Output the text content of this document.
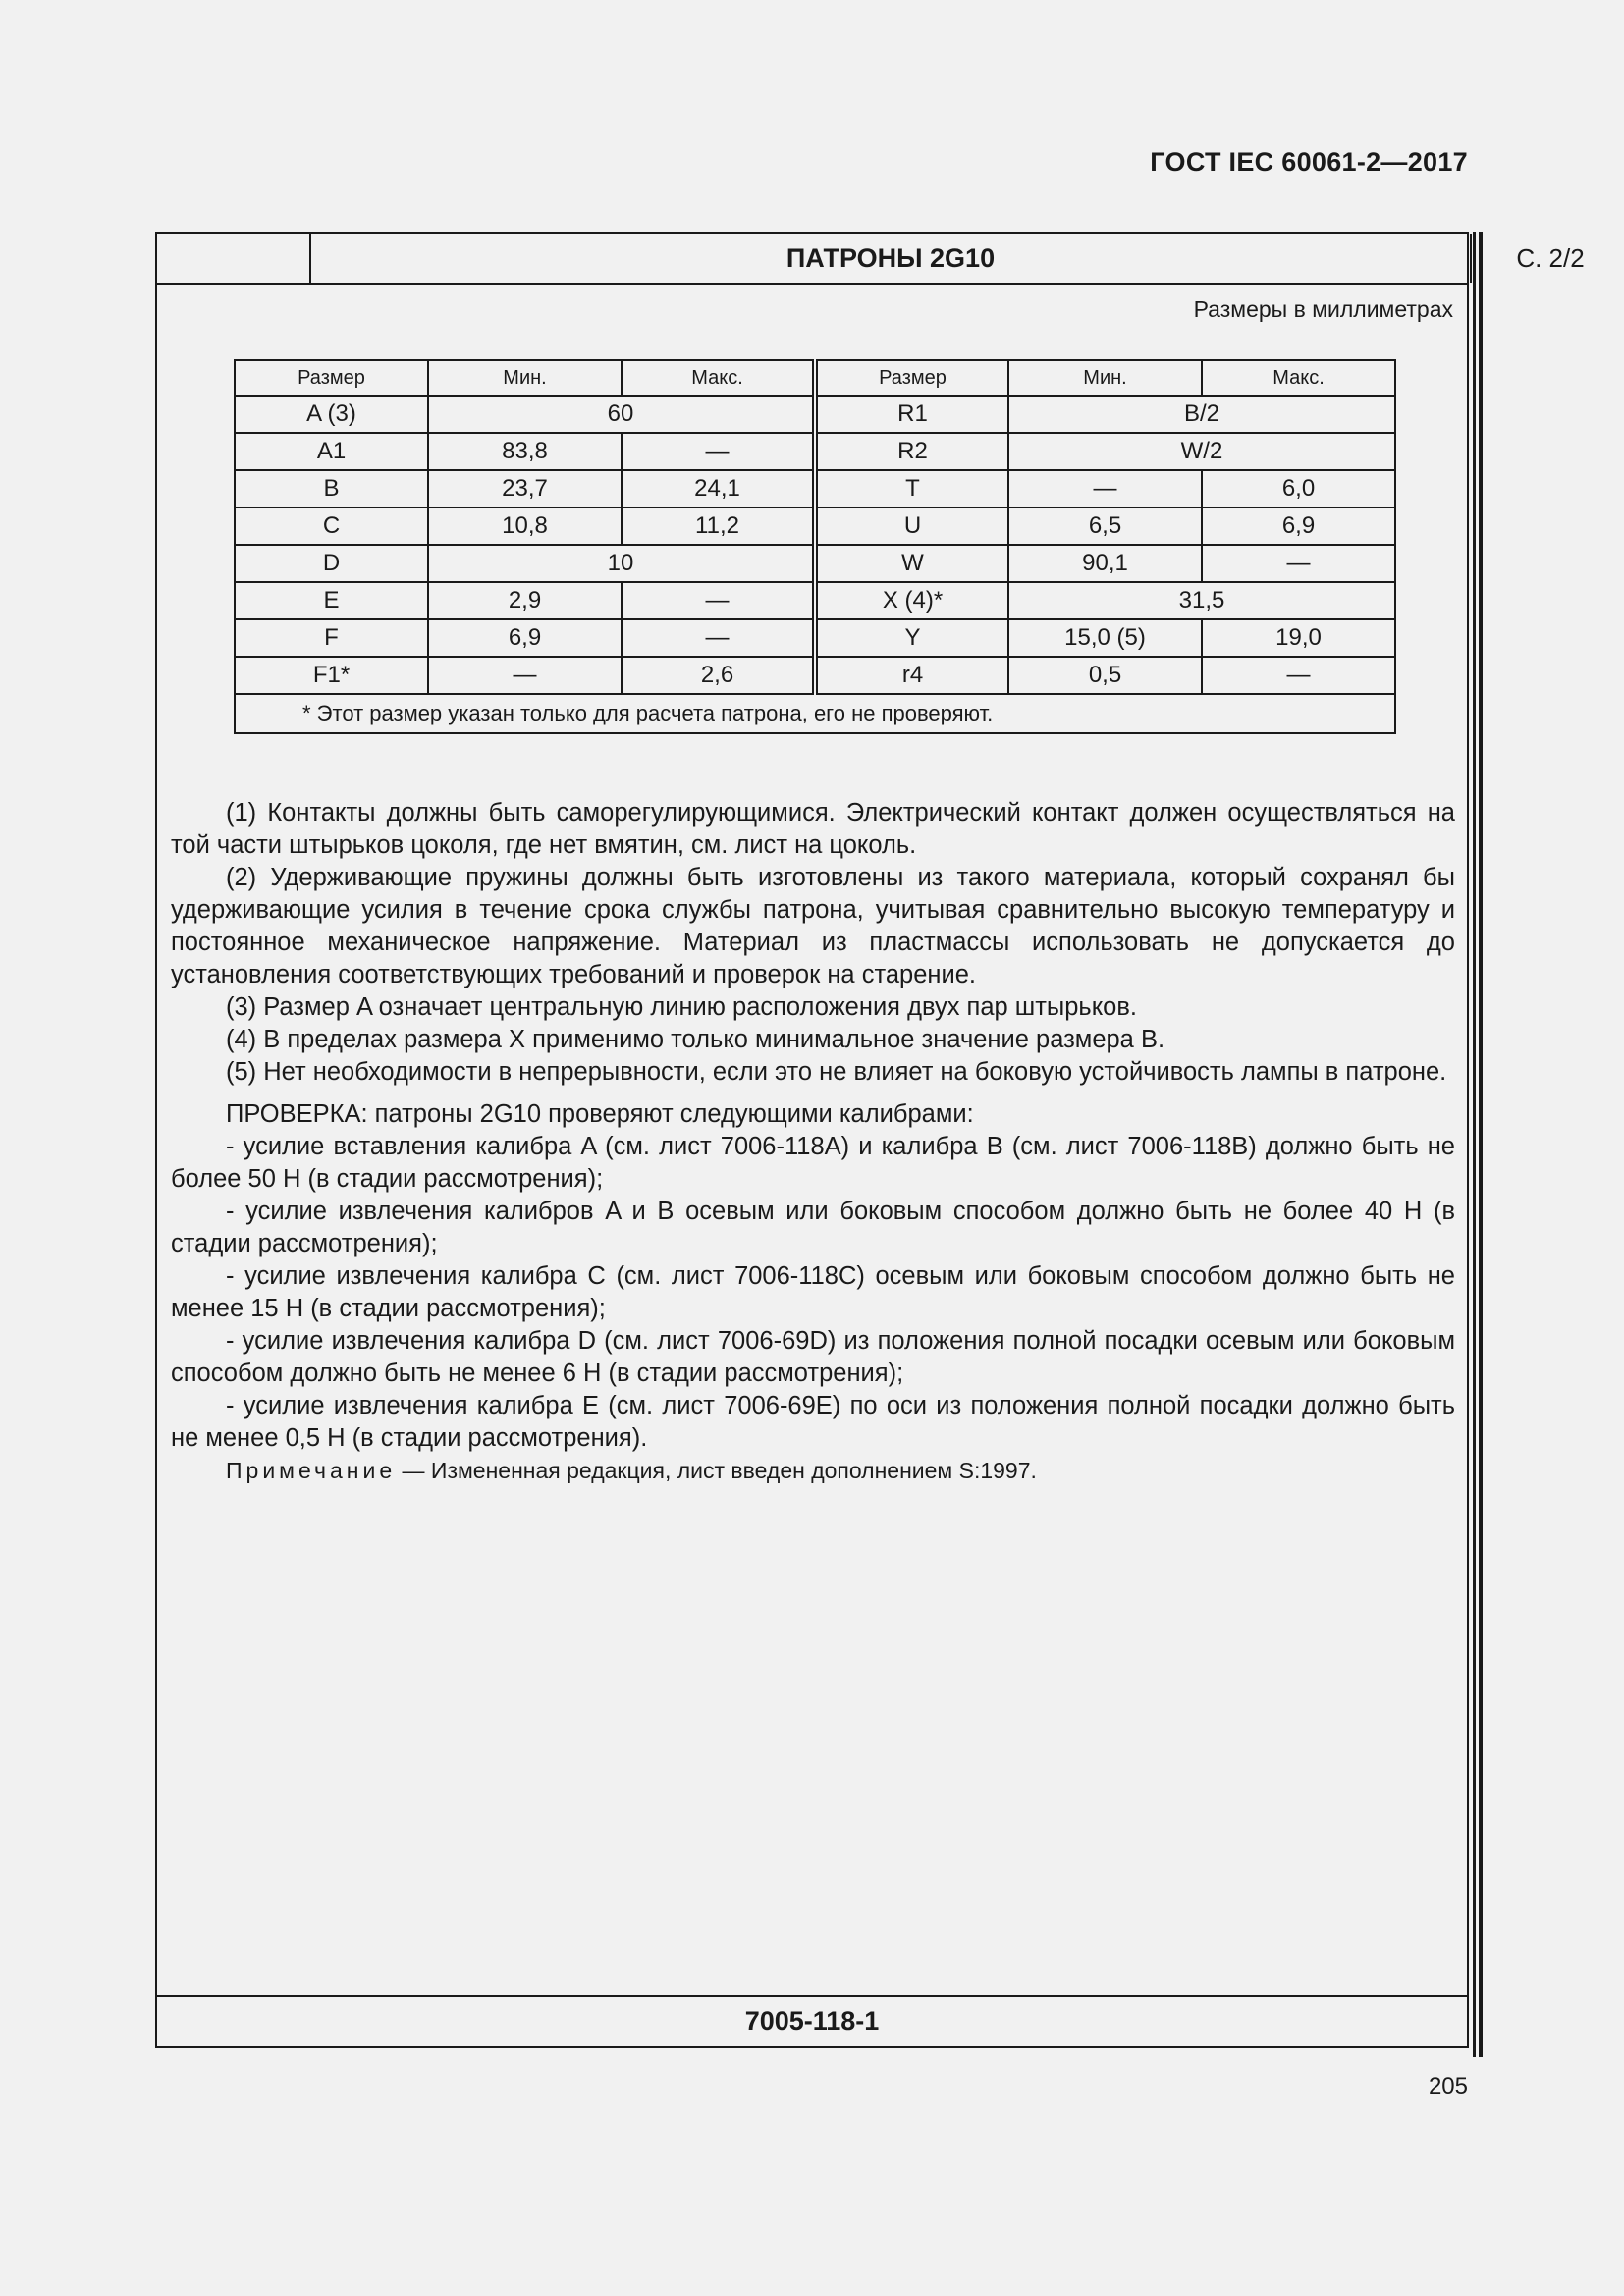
ГОСТ IEC 60061-2—2017
ПАТРОНЫ 2G10	С. 2/2
Размеры в миллиметрах
Размер	Мин.	Макс.	Размер	Мин.	Макс.
A (3)	60		R1	B/2	
A1	83,8	—	R2	W/2	
B	23,7	24,1	T	—	6,0
C	10,8	11,2	U	6,5	6,9
D	10		W	90,1	—
E	2,9	—	X (4)*	31,5	
F	6,9	—	Y	15,0 (5)	19,0
F1*	—	2,6	r4	0,5	—
* Этот размер указан только для расчета патрона, его не проверяют.					

(1) Контакты должны быть саморегулирующимися. Электрический контакт должен осуществляться на той части штырьков цоколя, где нет вмятин, см. лист на цоколь.

(2) Удерживающие пружины должны быть изготовлены из такого материала, который сохранял бы удерживающие усилия в течение срока службы патрона, учитывая сравнительно высокую температуру и постоянное механическое напряжение. Материал из пластмассы использовать не допускается до установления соответствующих требований и проверок на старение.

(3) Размер A означает центральную линию расположения двух пар штырьков.

(4) В пределах размера X применимо только минимальное значение размера B.

(5) Нет необходимости в непрерывности, если это не влияет на боковую устойчивость лампы в патроне.

ПРОВЕРКА: патроны 2G10 проверяют следующими калибрами:

- усилие вставления калибра A (см. лист 7006-118A) и калибра B (см. лист 7006-118B) должно быть не более 50 Н (в стадии рассмотрения);

- усилие извлечения калибров A и B осевым или боковым способом должно быть не более 40 Н (в стадии рассмотрения);

- усилие извлечения калибра C (см. лист 7006-118C) осевым или боковым способом должно быть не менее 15 Н (в стадии рассмотрения);

- усилие извлечения калибра D (см. лист 7006-69D) из положения полной посадки осевым или боковым способом должно быть не менее 6 Н (в стадии рассмотрения);

- усилие извлечения калибра E (см. лист 7006-69E) по оси из положения полной посадки должно быть не менее 0,5 Н (в стадии рассмотрения).

Примечание — Измененная редакция, лист введен дополнением S:1997.

7005-118-1
205
